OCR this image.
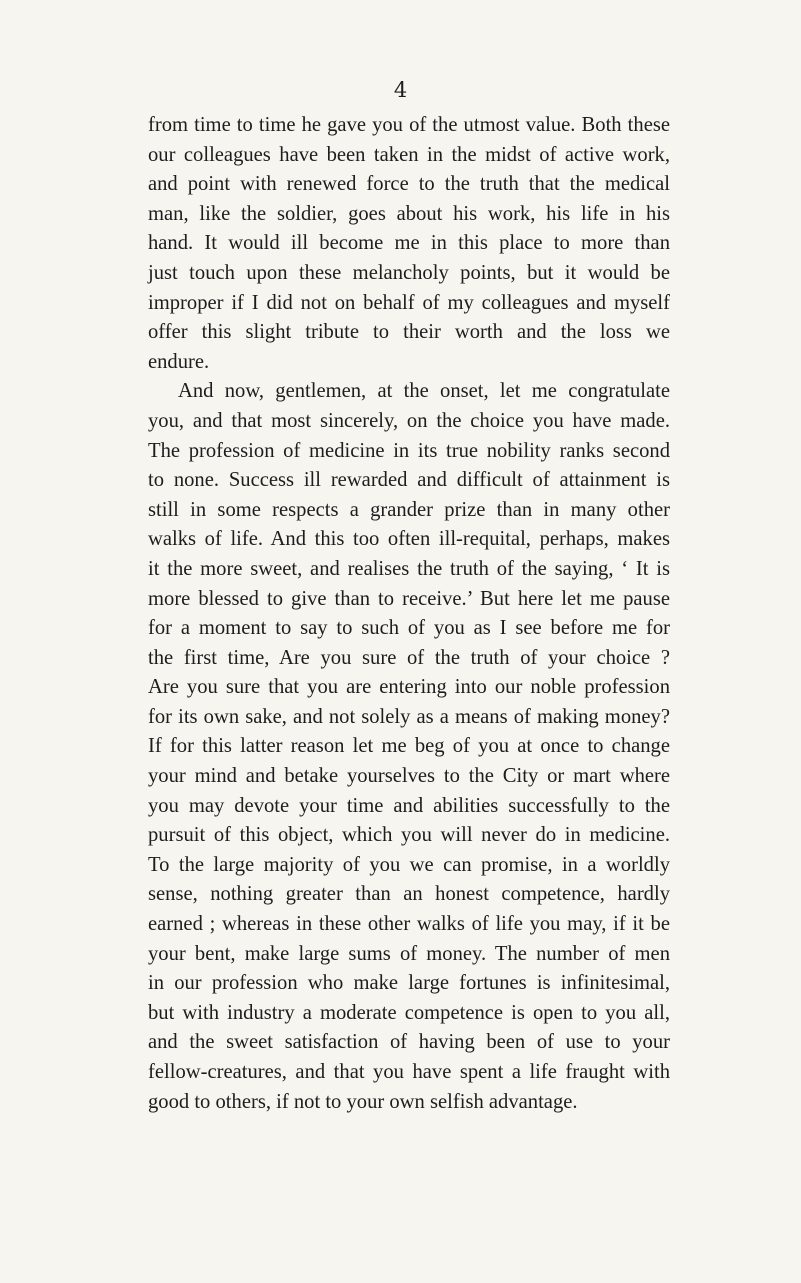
4
from time to time he gave you of the utmost value. Both these
our colleagues have been taken in the midst of active work,
and point with renewed force to the truth that the medical
man, like the soldier, goes about his work, his life in his
hand. It would ill become me in this place to more than
just touch upon these melancholy points, but it would be
improper if I did not on behalf of my colleagues and myself
offer this slight tribute to their worth and the loss we
endure.
And now, gentlemen, at the onset, let me congratulate
you, and that most sincerely, on the choice you have made.
The profession of medicine in its true nobility ranks second
to none. Success ill rewarded and difficult of attainment is
still in some respects a grander prize than in many other
walks of life. And this too often ill-requital, perhaps, makes
it the more sweet, and realises the truth of the saying, ‘ It is
more blessed to give than to receive.’ But here let me pause
for a moment to say to such of you as I see before me for
the first time, Are you sure of the truth of your choice ?
Are you sure that you are entering into our noble profession
for its own sake, and not solely as a means of making money?
If for this latter reason let me beg of you at once to change
your mind and betake yourselves to the City or mart where
you may devote your time and abilities successfully to the
pursuit of this object, which you will never do in medicine.
To the large majority of you we can promise, in a worldly
sense, nothing greater than an honest competence, hardly
earned ; whereas in these other walks of life you may, if it be
your bent, make large sums of money. The number of men
in our profession who make large fortunes is infinitesimal,
but with industry a moderate competence is open to you all,
and the sweet satisfaction of having been of use to your
fellow-creatures, and that you have spent a life fraught with
good to others, if not to your own selfish advantage.
